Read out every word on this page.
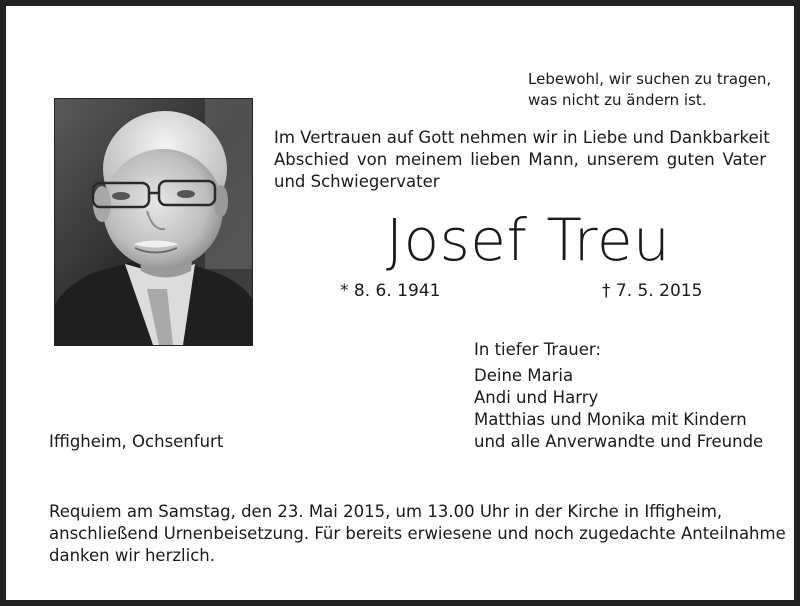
Lebewohl, wir suchen zu tragen,
was nicht zu ändern ist.
Im Vertrauen auf Gott nehmen wir in Liebe und Dankbarkeit
Abschied von meinem lieben Mann, unserem guten Vater
und Schwiegervater
Josef Treu
* 8. 6. 1941	† 7. 5. 2015
In tiefer Trauer:
Deine Maria
Andi und Harry
Matthias und Monika mit Kindern
und alle Anverwandte und Freunde
Iffigheim, Ochsenfurt
Requiem am Samstag, den 23. Mai 2015, um 13.00 Uhr in der Kirche in Iffigheim,
anschließend Urnenbeisetzung. Für bereits erwiesene und noch zugedachte Anteilnahme
danken wir herzlich.
